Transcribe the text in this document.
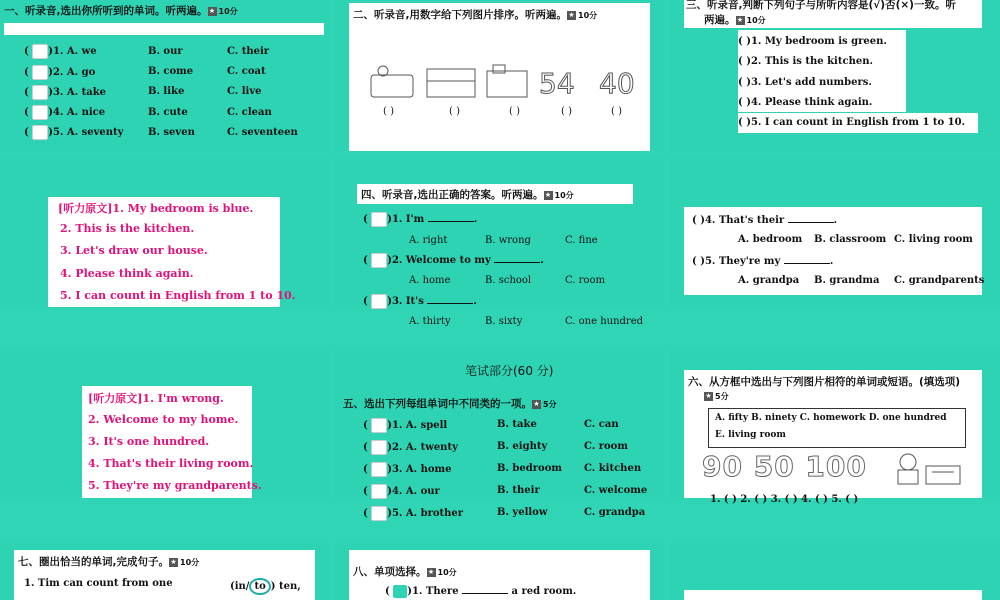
一、听录音,选出你所听到的单词。听两遍。★ 10分
( )1. A. we	B. our	C. their
( )2. A. go	B. come	C. coat
( )3. A. take	B. like	C. live
( )4. A. nice	B. cute	C. clean
( )5. A. seventy B. seven	C. seventeen
二、听录音,用数字给下列图片排序。听两遍。★ 10分
54 40
( )	( )	( )	( )	( )
三、听录音,判断下列句子与所听内容是(√)否(×)一致。听
两遍。★ 10分
( )1. My bedroom is green.
( )2. This is the kitchen.
( )3. Let's add numbers.
( )4. Please think again.
( )5. I can count in English from 1 to 10.
[听力原文]1. My bedroom is blue.
2. This is the kitchen.
3. Let's draw our house.
4. Please think again.
5. I can count in English from 1 to 10.
四、听录音,选出正确的答案。听两遍。★ 10分
( )1. I'm	.
A. right	B. wrong	C. fine
( )2. Welcome to my	.
A. home	B. school	C. room
( )3. It's	.
A. thirty	B. sixty	C. one hundred
( )4. That's their	.
A. bedroom B. classroom C. living room
( )5. They're my	.
A. grandpa B. grandma C. grandparents
[听力原文]1. I'm wrong.
2. Welcome to my home.
3. It's one hundred.
4. That's their living room.
5. They're my grandparents.
笔试部分(60 分)
五、选出下列每组单词中不同类的一项。★ 5分
( )1. A. spell	B. take	C. can
( )2. A. twenty	B. eighty	C. room
( )3. A. home	B. bedroom C. kitchen
( )4. A. our	B. their	C. welcome
( )5. A. brother	B. yellow	C. grandpa
六、从方框中选出与下列图片相符的单词或短语。(填选项)
★ 5分
A. fifty B. ninety C. homework D. one hundred
E. living room
90 50 100
1. ( ) 2. ( ) 3. ( ) 4. ( ) 5. ( )
七、圈出恰当的单词,完成句子。★ 10分
1. Tim can count from one	(in/ to ) ten,
八、单项选择。★ 10分
( )1. There	a red room.
